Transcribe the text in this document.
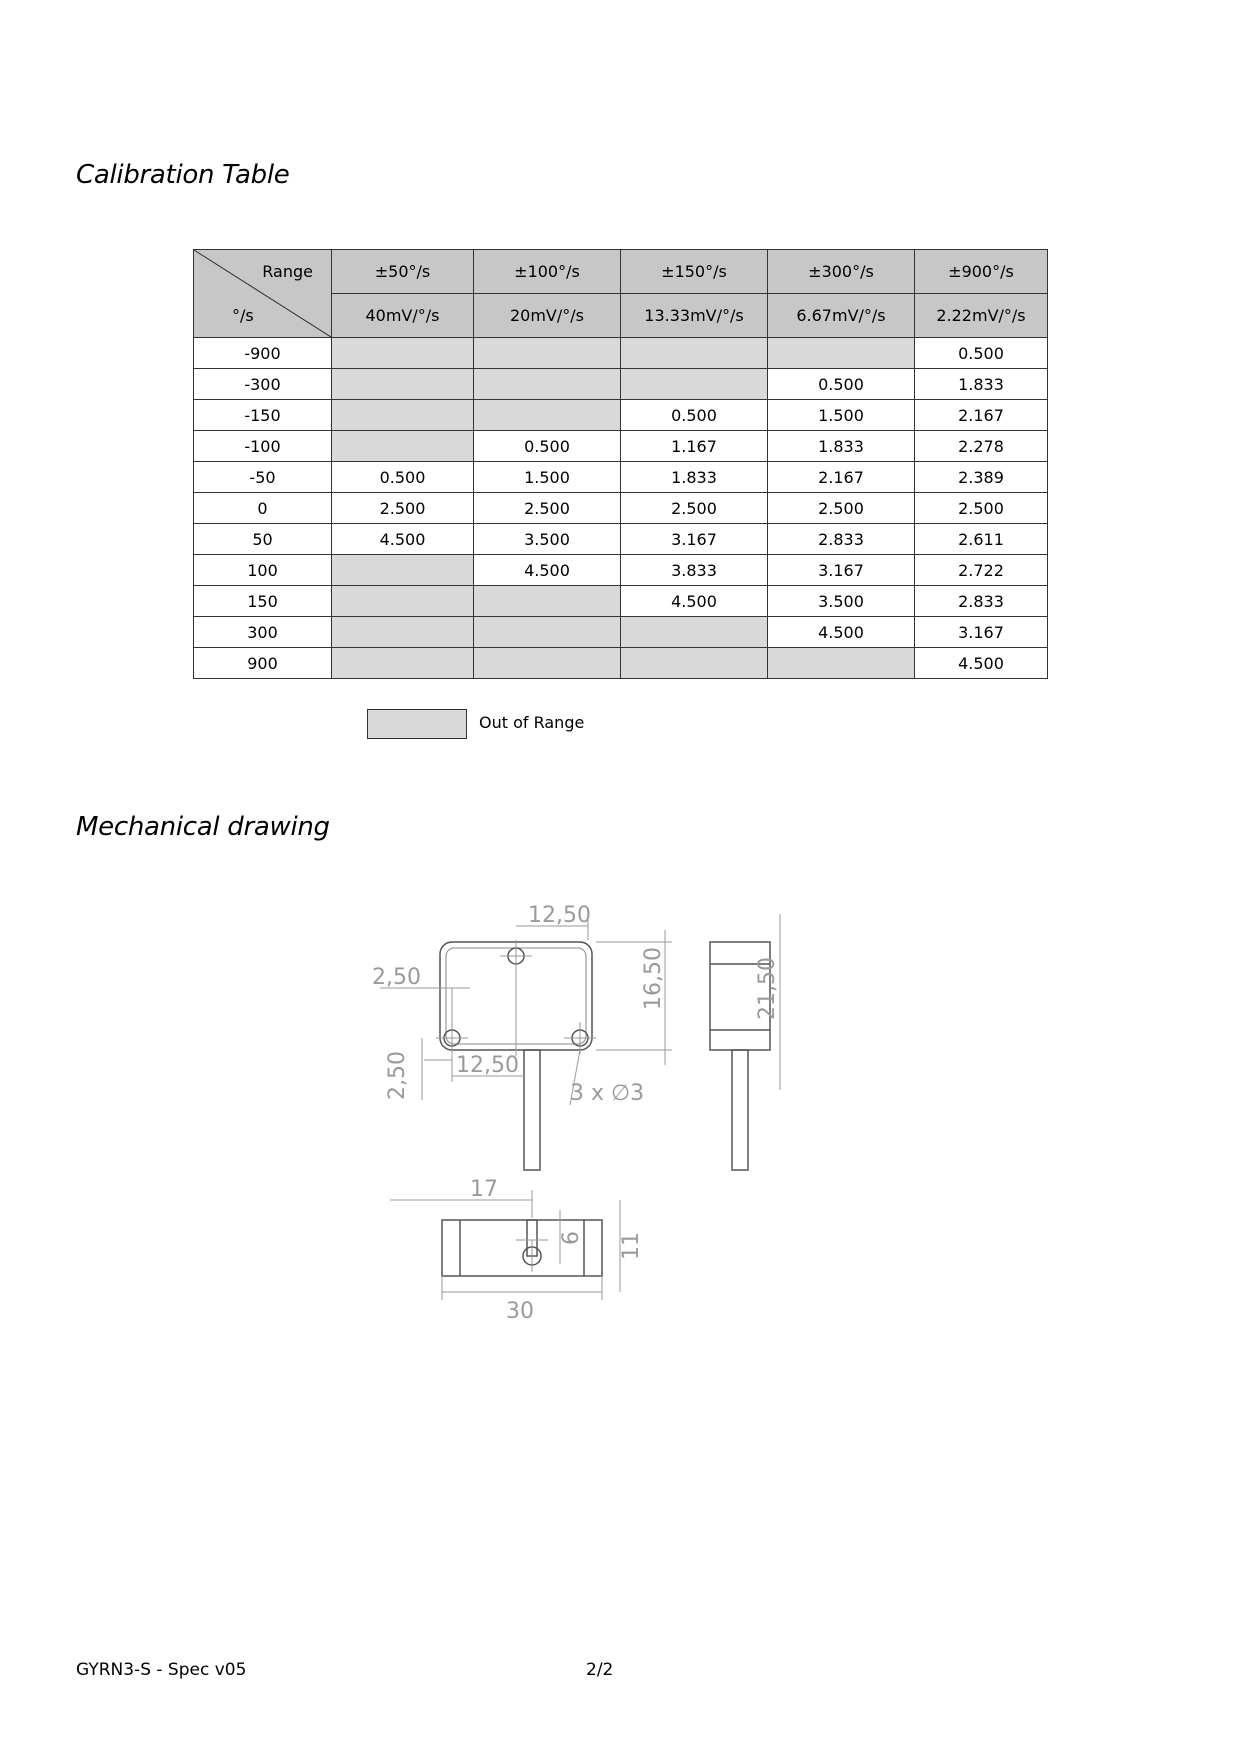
Calibration Table
Range
°/s	±50°/s	±100°/s	±150°/s	±300°/s	±900°/s
	40mV/°/s	20mV/°/s	13.33mV/°/s	6.67mV/°/s	2.22mV/°/s
-900					0.500
-300				0.500	1.833
-150			0.500	1.500	2.167
-100		0.500	1.167	1.833	2.278
-50	0.500	1.500	1.833	2.167	2.389
0	2.500	2.500	2.500	2.500	2.500
50	4.500	3.500	3.167	2.833	2.611
100		4.500	3.833	3.167	2.722
150			4.500	3.500	2.833
300				4.500	3.167
900					4.500
Out of Range
Mechanical drawing
12,50
2,50	16,50	21,50
2,50 12,50
3 x ∅3
17
6 11
30
GYRN3-S - Spec v05	2/2
